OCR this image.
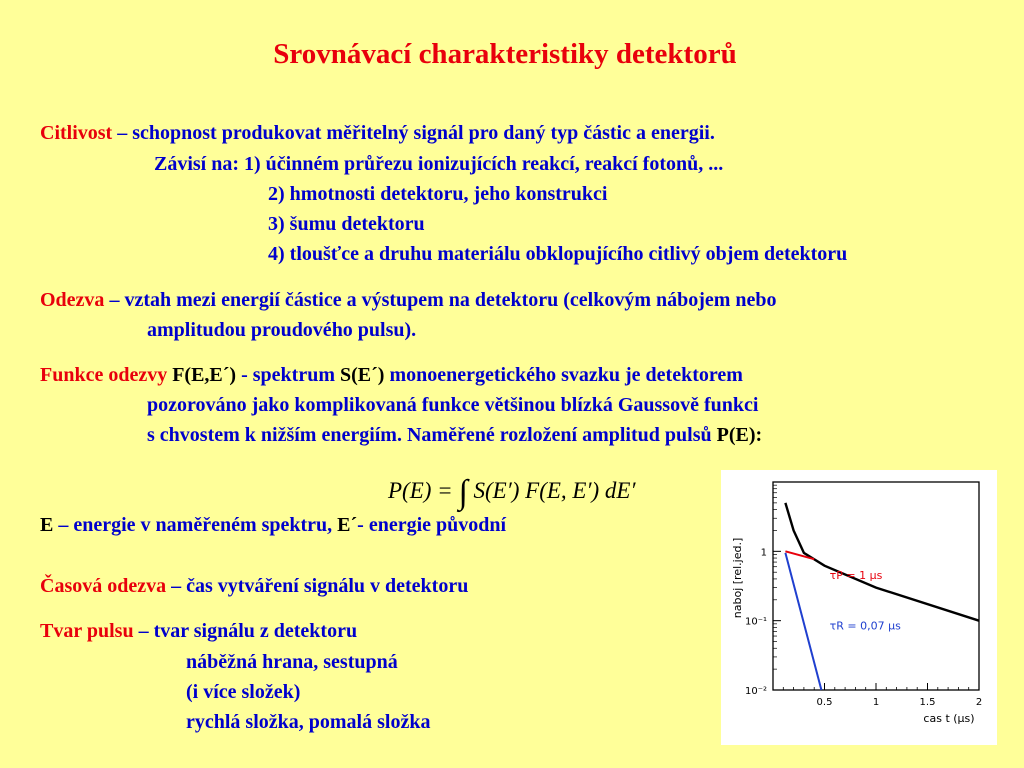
Srovnávací charakteristiky detektorů
Citlivost – schopnost produkovat měřitelný signál pro daný typ částic a energii.
Závisí na: 1) účinném průřezu ionizujících reakcí, reakcí fotonů, ...
2) hmotnosti detektoru, jeho konstrukci
3) šumu detektoru
4) tloušťce a druhu materiálu obklopujícího citlivý objem detektoru
Odezva – vztah mezi energií částice a výstupem na detektoru (celkovým nábojem nebo
amplitudou proudového pulsu).
Funkce odezvy F(E,E´) - spektrum S(E´) monoenergetického svazku je detektorem
pozorováno jako komplikovaná funkce většinou blízká Gaussově funkci
s chvostem k nižším energiím. Naměřené rozložení amplitud pulsů P(E):
P(E) = ∫ S(E′) F(E, E′) dE′
E – energie v naměřeném spektru, E´- energie původní
Časová odezva – čas vytváření signálu v detektoru
Tvar pulsu – tvar signálu z detektoru
náběžná hrana, sestupná
(i více složek)
rychlá složka, pomalá složka
naboj [rel.jed.]
cas t (μs)
0.5	1	1.5	2
10⁻²
10⁻¹
1
τP = 1 μs
τR = 0,07 μs
